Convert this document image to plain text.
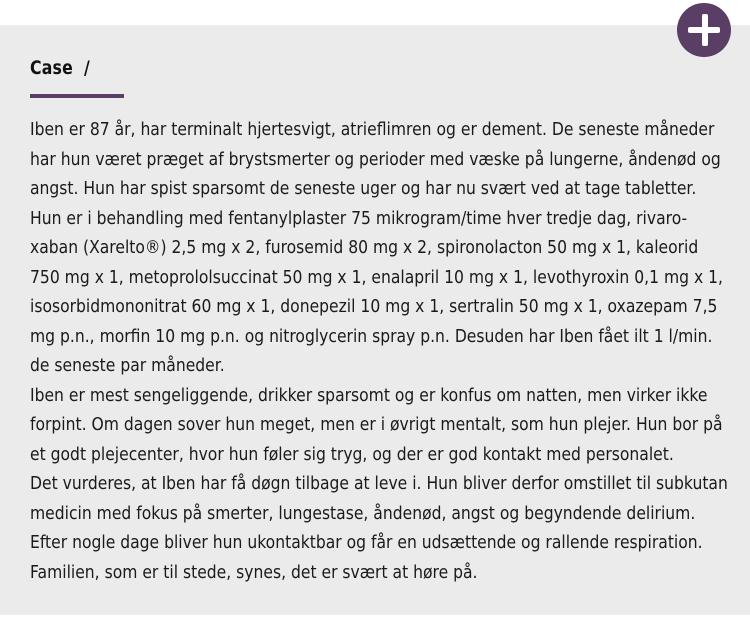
Case /
Iben er 87 år, har terminalt hjertesvigt, atrieflimren og er dement. De seneste måneder
har hun været præget af brystsmerter og perioder med væske på lungerne, åndenød og
angst. Hun har spist sparsomt de seneste uger og har nu svært ved at tage tabletter.
Hun er i behandling med fentanylplaster 75 mikrogram/time hver tredje dag, rivaro-
xaban (Xarelto®) 2,5 mg x 2, furosemid 80 mg x 2, spironolacton 50 mg x 1, kaleorid
750 mg x 1, metoprololsuccinat 50 mg x 1, enalapril 10 mg x 1, levothyroxin 0,1 mg x 1,
isosorbidmononitrat 60 mg x 1, donepezil 10 mg x 1, sertralin 50 mg x 1, oxazepam 7,5
mg p.n., morfin 10 mg p.n. og nitroglycerin spray p.n. Desuden har Iben fået ilt 1 l/min.
de seneste par måneder.
Iben er mest sengeliggende, drikker sparsomt og er konfus om natten, men virker ikke
forpint. Om dagen sover hun meget, men er i øvrigt mentalt, som hun plejer. Hun bor på
et godt plejecenter, hvor hun føler sig tryg, og der er god kontakt med personalet.
Det vurderes, at Iben har få døgn tilbage at leve i. Hun bliver derfor omstillet til subkutan
medicin med fokus på smerter, lungestase, åndenød, angst og begyndende delirium.
Efter nogle dage bliver hun ukontaktbar og får en udsættende og rallende respiration.
Familien, som er til stede, synes, det er svært at høre på.
